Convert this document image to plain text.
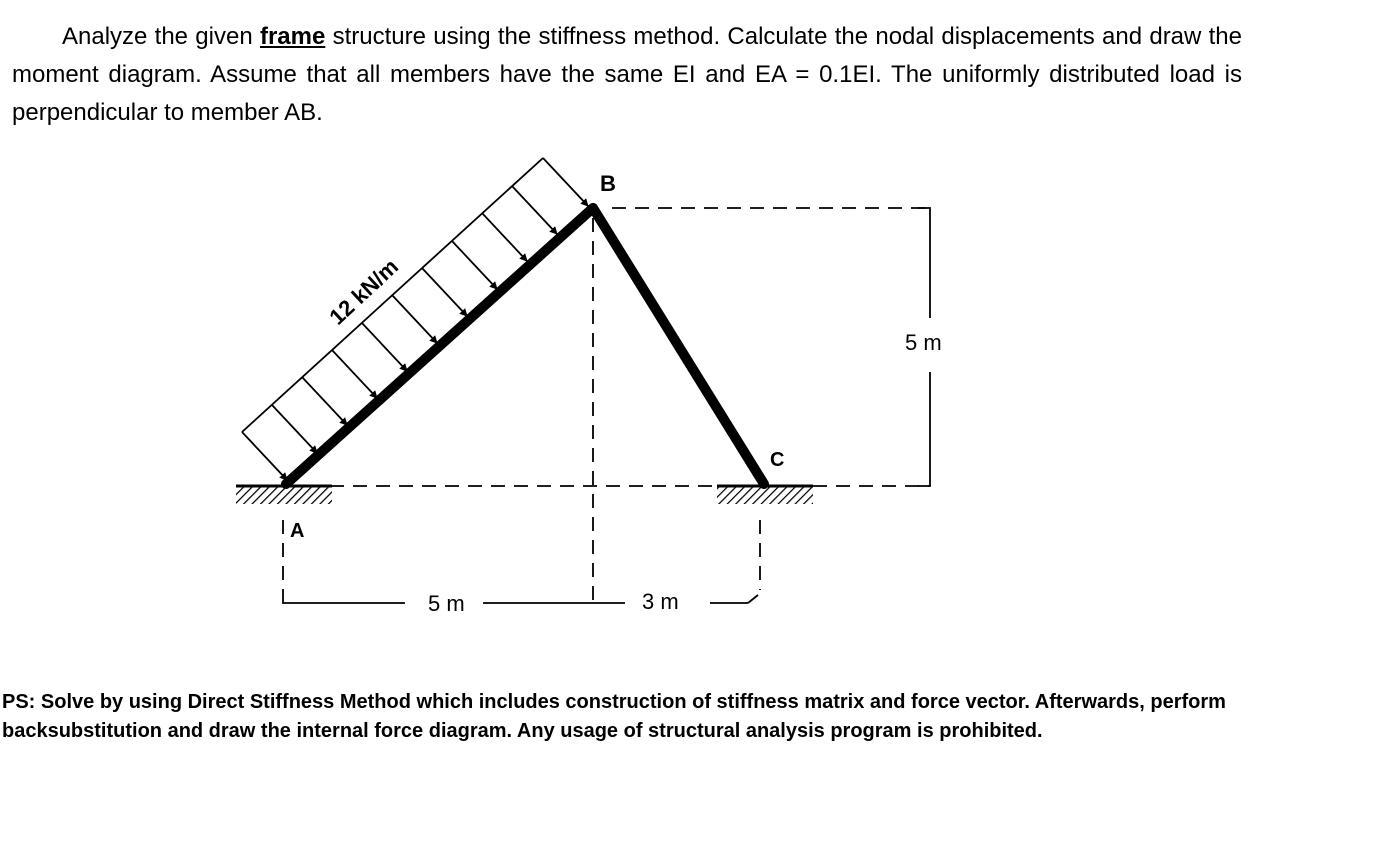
Analyze the given frame structure using the stiffness method. Calculate the nodal displacements and draw the moment diagram. Assume that all members have the same EI and EA = 0.1EI. The uniformly distributed load is perpendicular to member AB.

B
A
C
12 kN/m
5 m	3 m
5 m

PS: Solve by using Direct Stiffness Method which includes construction of stiffness matrix and force vector. Afterwards, perform backsubstitution and draw the internal force diagram. Any usage of structural analysis program is prohibited.
